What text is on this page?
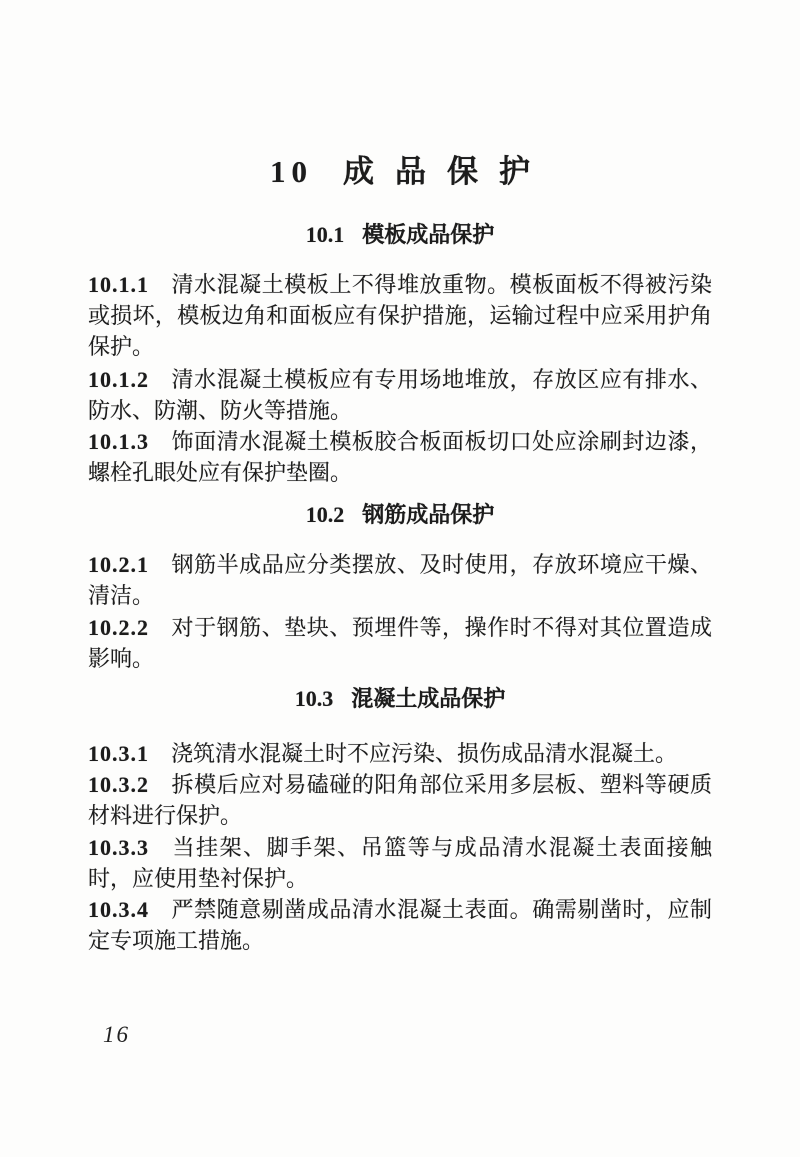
10 成品保护
10.1 模板成品保护

10.1.1 清水混凝土模板上不得堆放重物。模板面板不得被污染或损坏，模板边角和面板应有保护措施，运输过程中应采用护角保护。

10.1.2 清水混凝土模板应有专用场地堆放，存放区应有排水、防水、防潮、防火等措施。

10.1.3 饰面清水混凝土模板胶合板面板切口处应涂刷封边漆，螺栓孔眼处应有保护垫圈。

10.2 钢筋成品保护

10.2.1 钢筋半成品应分类摆放、及时使用，存放环境应干燥、清洁。

10.2.2 对于钢筋、垫块、预埋件等，操作时不得对其位置造成影响。

10.3 混凝土成品保护

10.3.1 浇筑清水混凝土时不应污染、损伤成品清水混凝土。

10.3.2 拆模后应对易磕碰的阳角部位采用多层板、塑料等硬质材料进行保护。

10.3.3 当挂架、脚手架、吊篮等与成品清水混凝土表面接触时，应使用垫衬保护。

10.3.4 严禁随意剔凿成品清水混凝土表面。确需剔凿时，应制定专项施工措施。

16
